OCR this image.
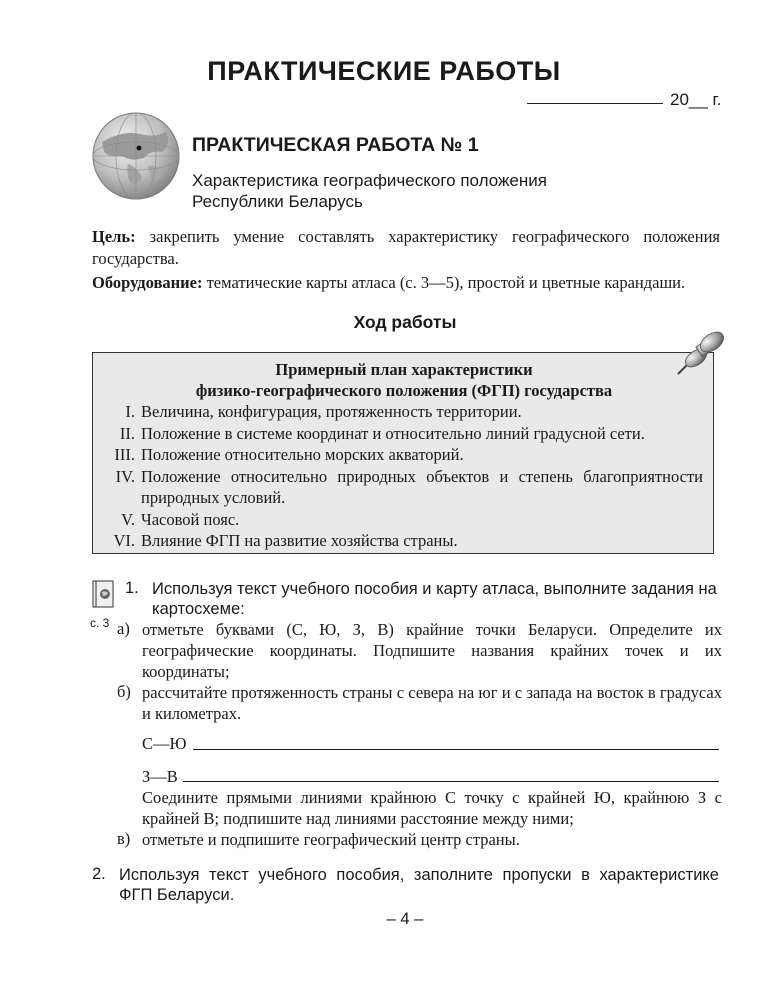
ПРАКТИЧЕСКИЕ РАБОТЫ
20__ г.
ПРАКТИЧЕСКАЯ РАБОТА № 1
Характеристика географического положения
Республики Беларусь

Цель: закрепить умение составлять характеристику географического положения государства.

Оборудование: тематические карты атласа (с. 3—5), простой и цветные карандаши.

Ход работы
Примерный план характеристики
физико-географического положения (ФГП) государства
I. Величина, конфигурация, протяженность территории.
II. Положение в системе координат и относительно линий градусной сети.
III. Положение относительно морских акваторий.
IV. Положение относительно природных объектов и степень благоприятности природных условий.
V. Часовой пояс.
VI. Влияние ФГП на развитие хозяйства страны.
с. 3
1. Используя текст учебного пособия и карту атласа, выполните задания на картосхеме:
а) отметьте буквами (С, Ю, З, В) крайние точки Беларуси. Определите их географические координаты. Подпишите названия крайних точек и их координаты;
б) рассчитайте протяженность страны с севера на юг и с запада на восток в градусах и километрах.
С—Ю
З—В
Соедините прямыми линиями крайнюю С точку с крайней Ю, крайнюю З с крайней В; подпишите над линиями расстояние между ними;
в) отметьте и подпишите географический центр страны.
2. Используя текст учебного пособия, заполните пропуски в характеристике ФГП Беларуси.
– 4 –
